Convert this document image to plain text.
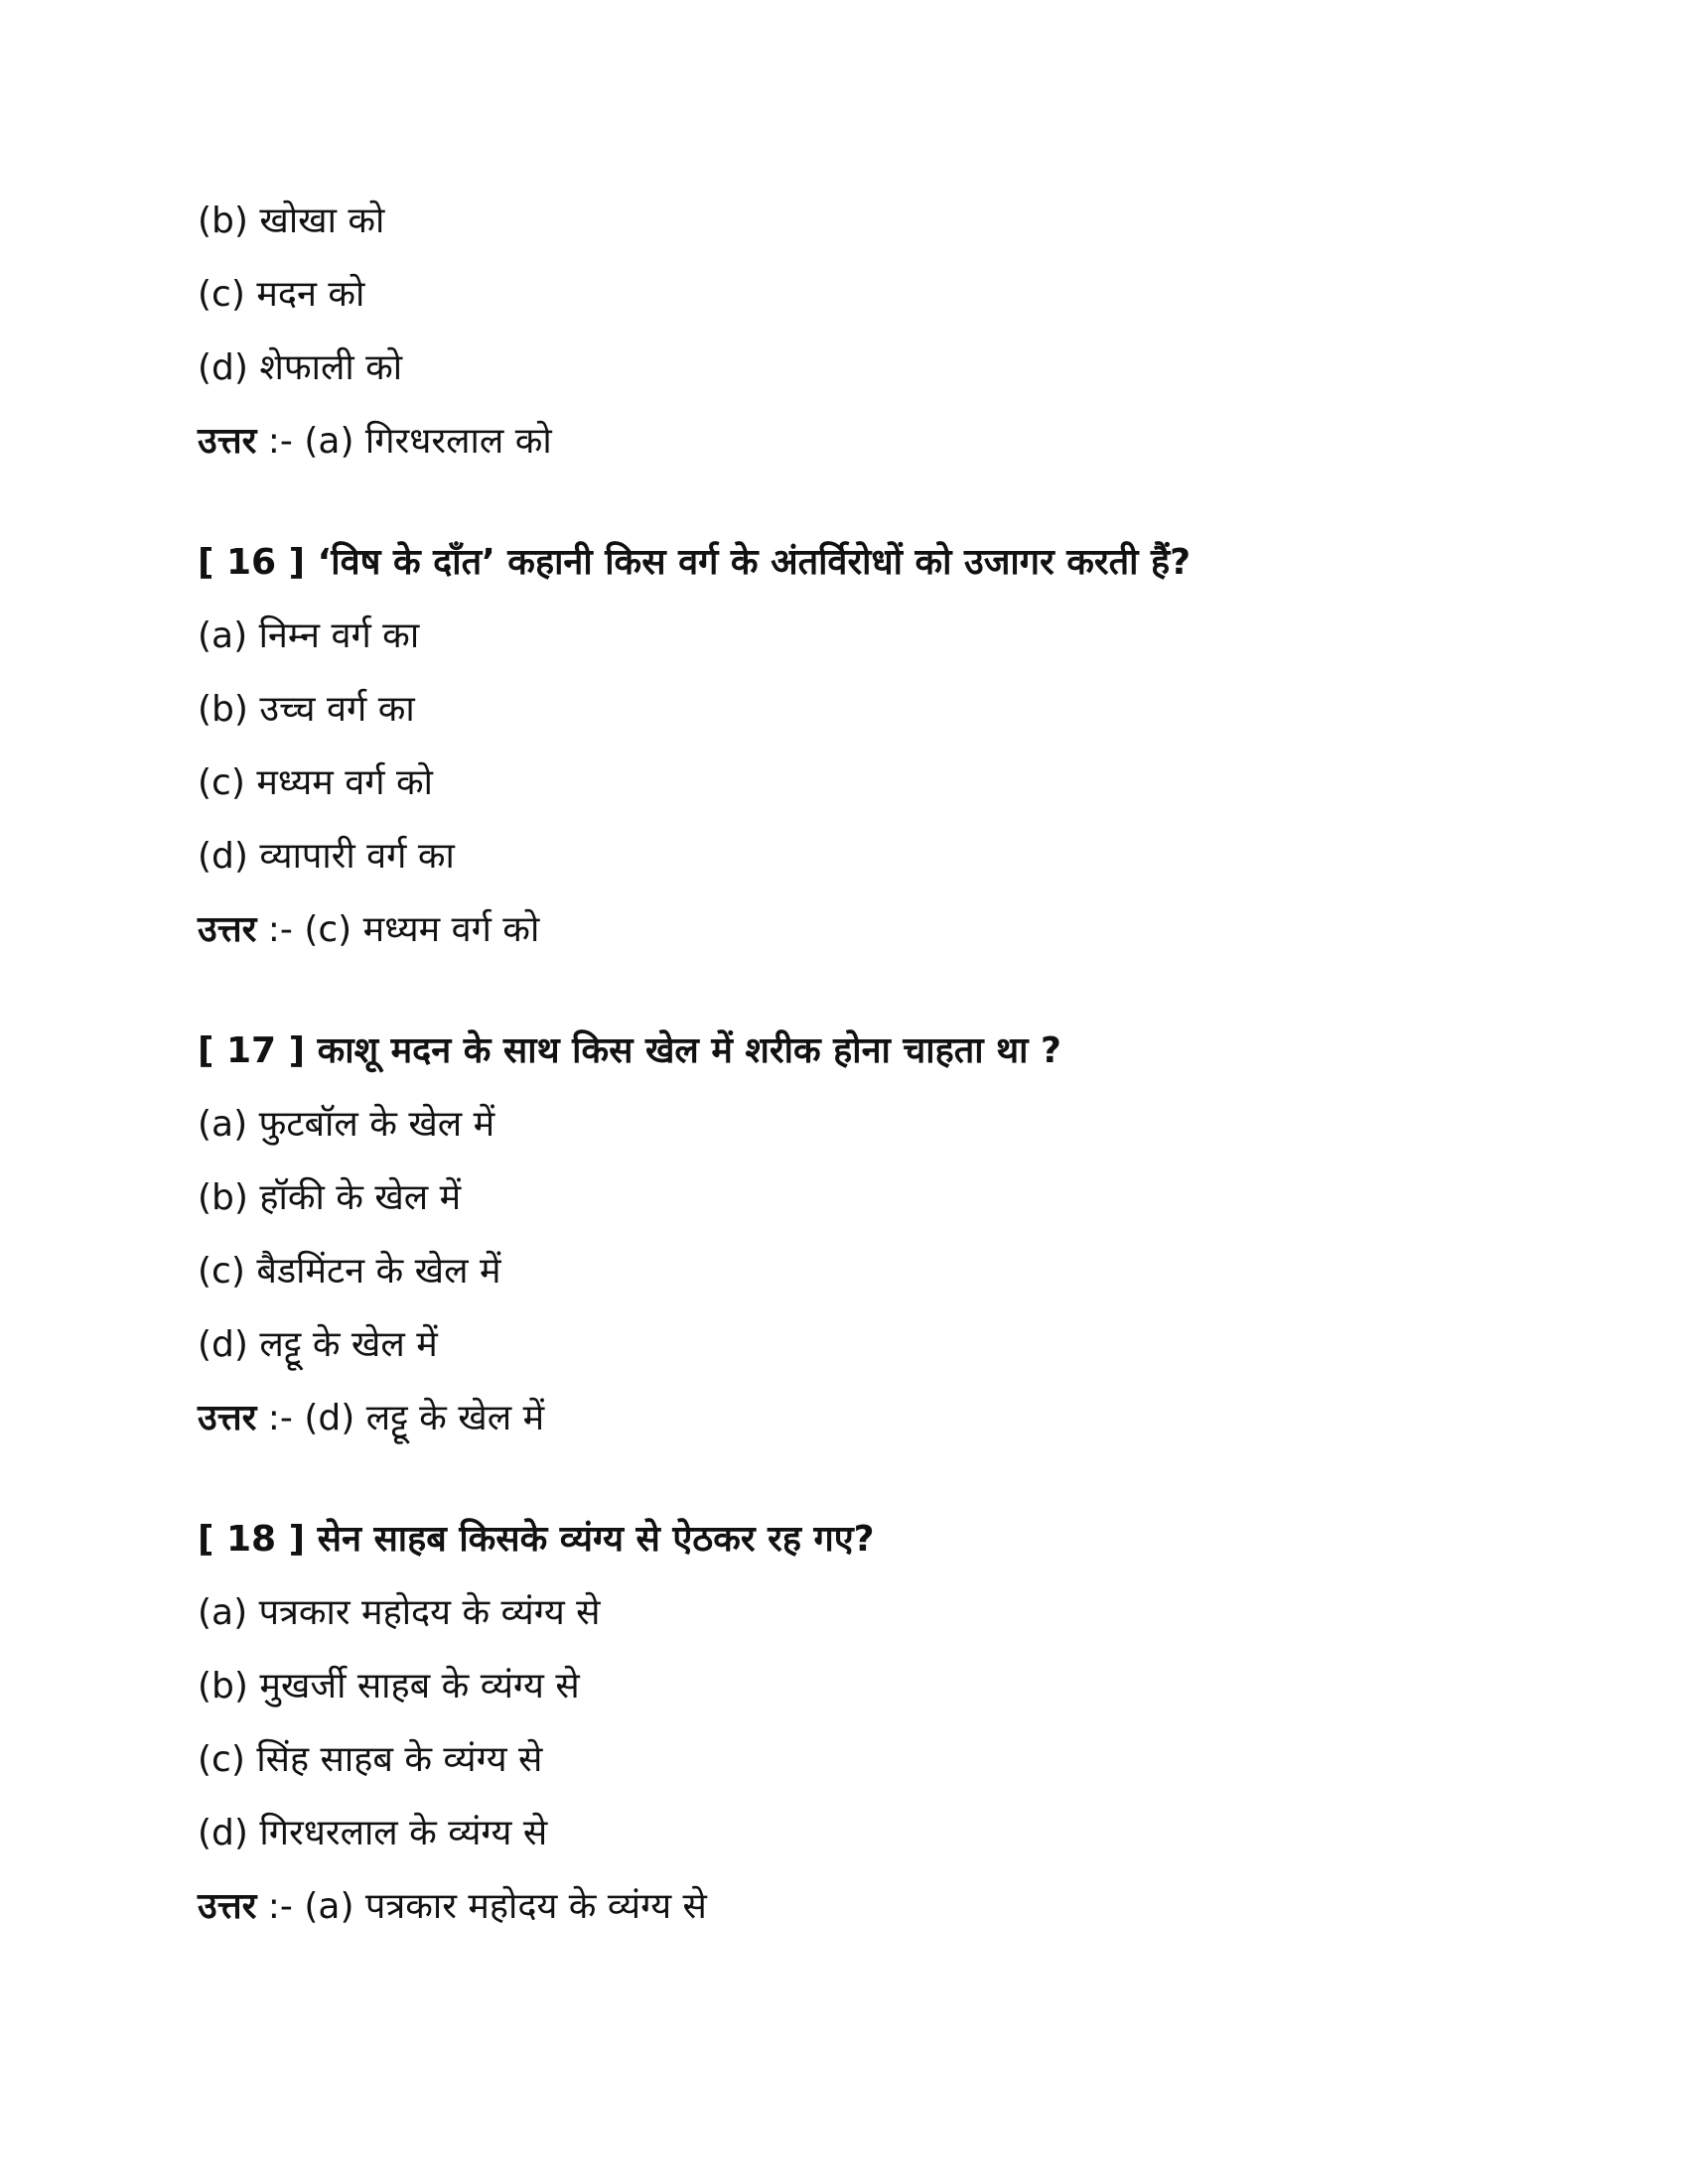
(b) खोखा को
(c) मदन को
(d) शेफाली को
उत्तर :- (a) गिरधरलाल को
[ 16 ] ‘विष के दाँत’ कहानी किस वर्ग के अंतर्विरोधों को उजागर करती हैं?
(a) निम्न वर्ग का
(b) उच्च वर्ग का
(c) मध्यम वर्ग को
(d) व्यापारी वर्ग का
उत्तर :- (c) मध्यम वर्ग को
[ 17 ] काशू मदन के साथ किस खेल में शरीक होना चाहता था ?
(a) फुटबॉल के खेल में
(b) हॉकी के खेल में
(c) बैडमिंटन के खेल में
(d) लट्टू के खेल में
उत्तर :- (d) लट्टू के खेल में
[ 18 ] सेन साहब किसके व्यंग्य से ऐठकर रह गए?
(a) पत्रकार महोदय के व्यंग्य से
(b) मुखर्जी साहब के व्यंग्य से
(c) सिंह साहब के व्यंग्य से
(d) गिरधरलाल के व्यंग्य से
उत्तर :- (a) पत्रकार महोदय के व्यंग्य से
